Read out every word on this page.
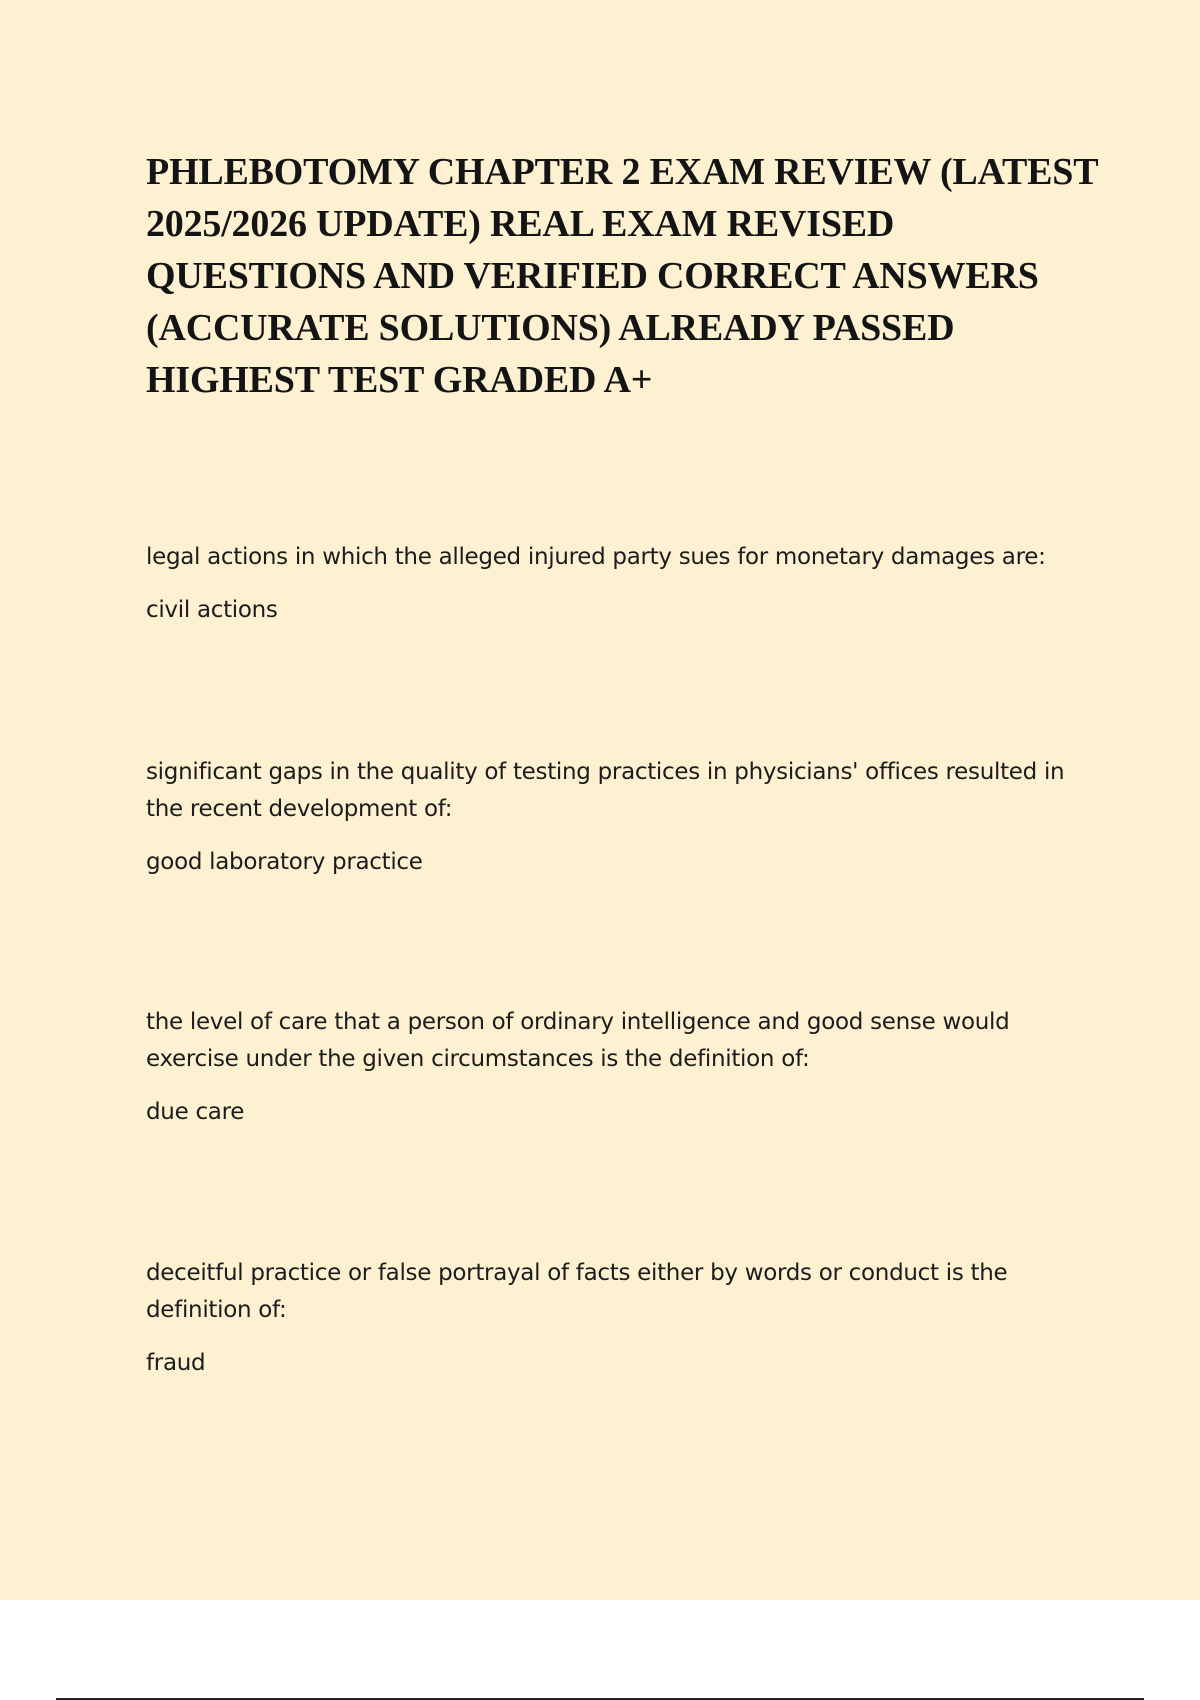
PHLEBOTOMY CHAPTER 2 EXAM REVIEW (LATEST 2025/2026 UPDATE) REAL EXAM REVISED QUESTIONS AND VERIFIED CORRECT ANSWERS (ACCURATE SOLUTIONS) ALREADY PASSED HIGHEST TEST GRADED A+

legal actions in which the alleged injured party sues for monetary damages are:

civil actions

significant gaps in the quality of testing practices in physicians' offices resulted in the recent development of:

good laboratory practice

the level of care that a person of ordinary intelligence and good sense would exercise under the given circumstances is the definition of:

due care

deceitful practice or false portrayal of facts either by words or conduct is the definition of:

fraud
